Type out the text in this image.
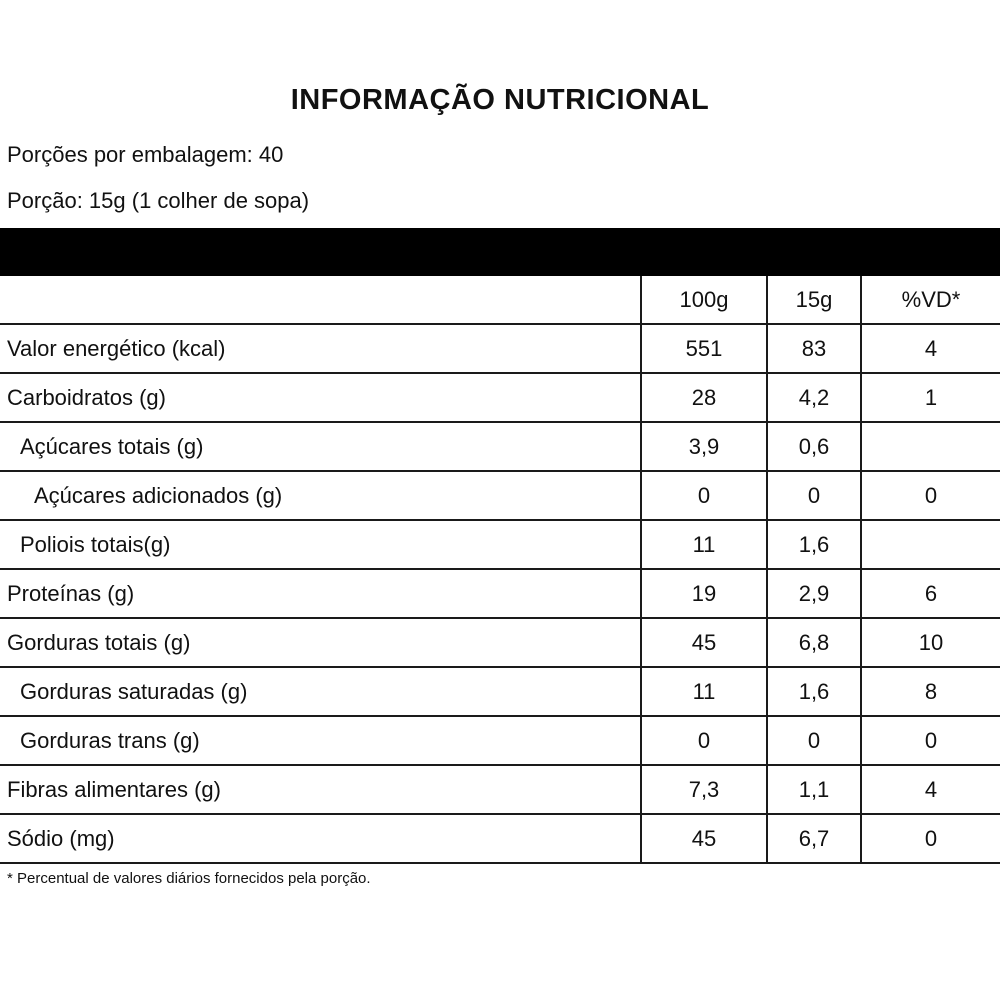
INFORMAÇÃO NUTRICIONAL
Porções por embalagem: 40
Porção: 15g (1 colher de sopa)
	100g	15g	%VD*
Valor energético (kcal)	551	83	4
Carboidratos (g)	28	4,2	1
Açúcares totais (g)	3,9	0,6	
Açúcares adicionados (g)	0	0	0
Poliois totais(g)	11	1,6	
Proteínas (g)	19	2,9	6
Gorduras totais (g)	45	6,8	10
Gorduras saturadas (g)	11	1,6	8
Gorduras trans (g)	0	0	0
Fibras alimentares (g)	7,3	1,1	4
Sódio (mg)	45	6,7	0
* Percentual de valores diários fornecidos pela porção.
